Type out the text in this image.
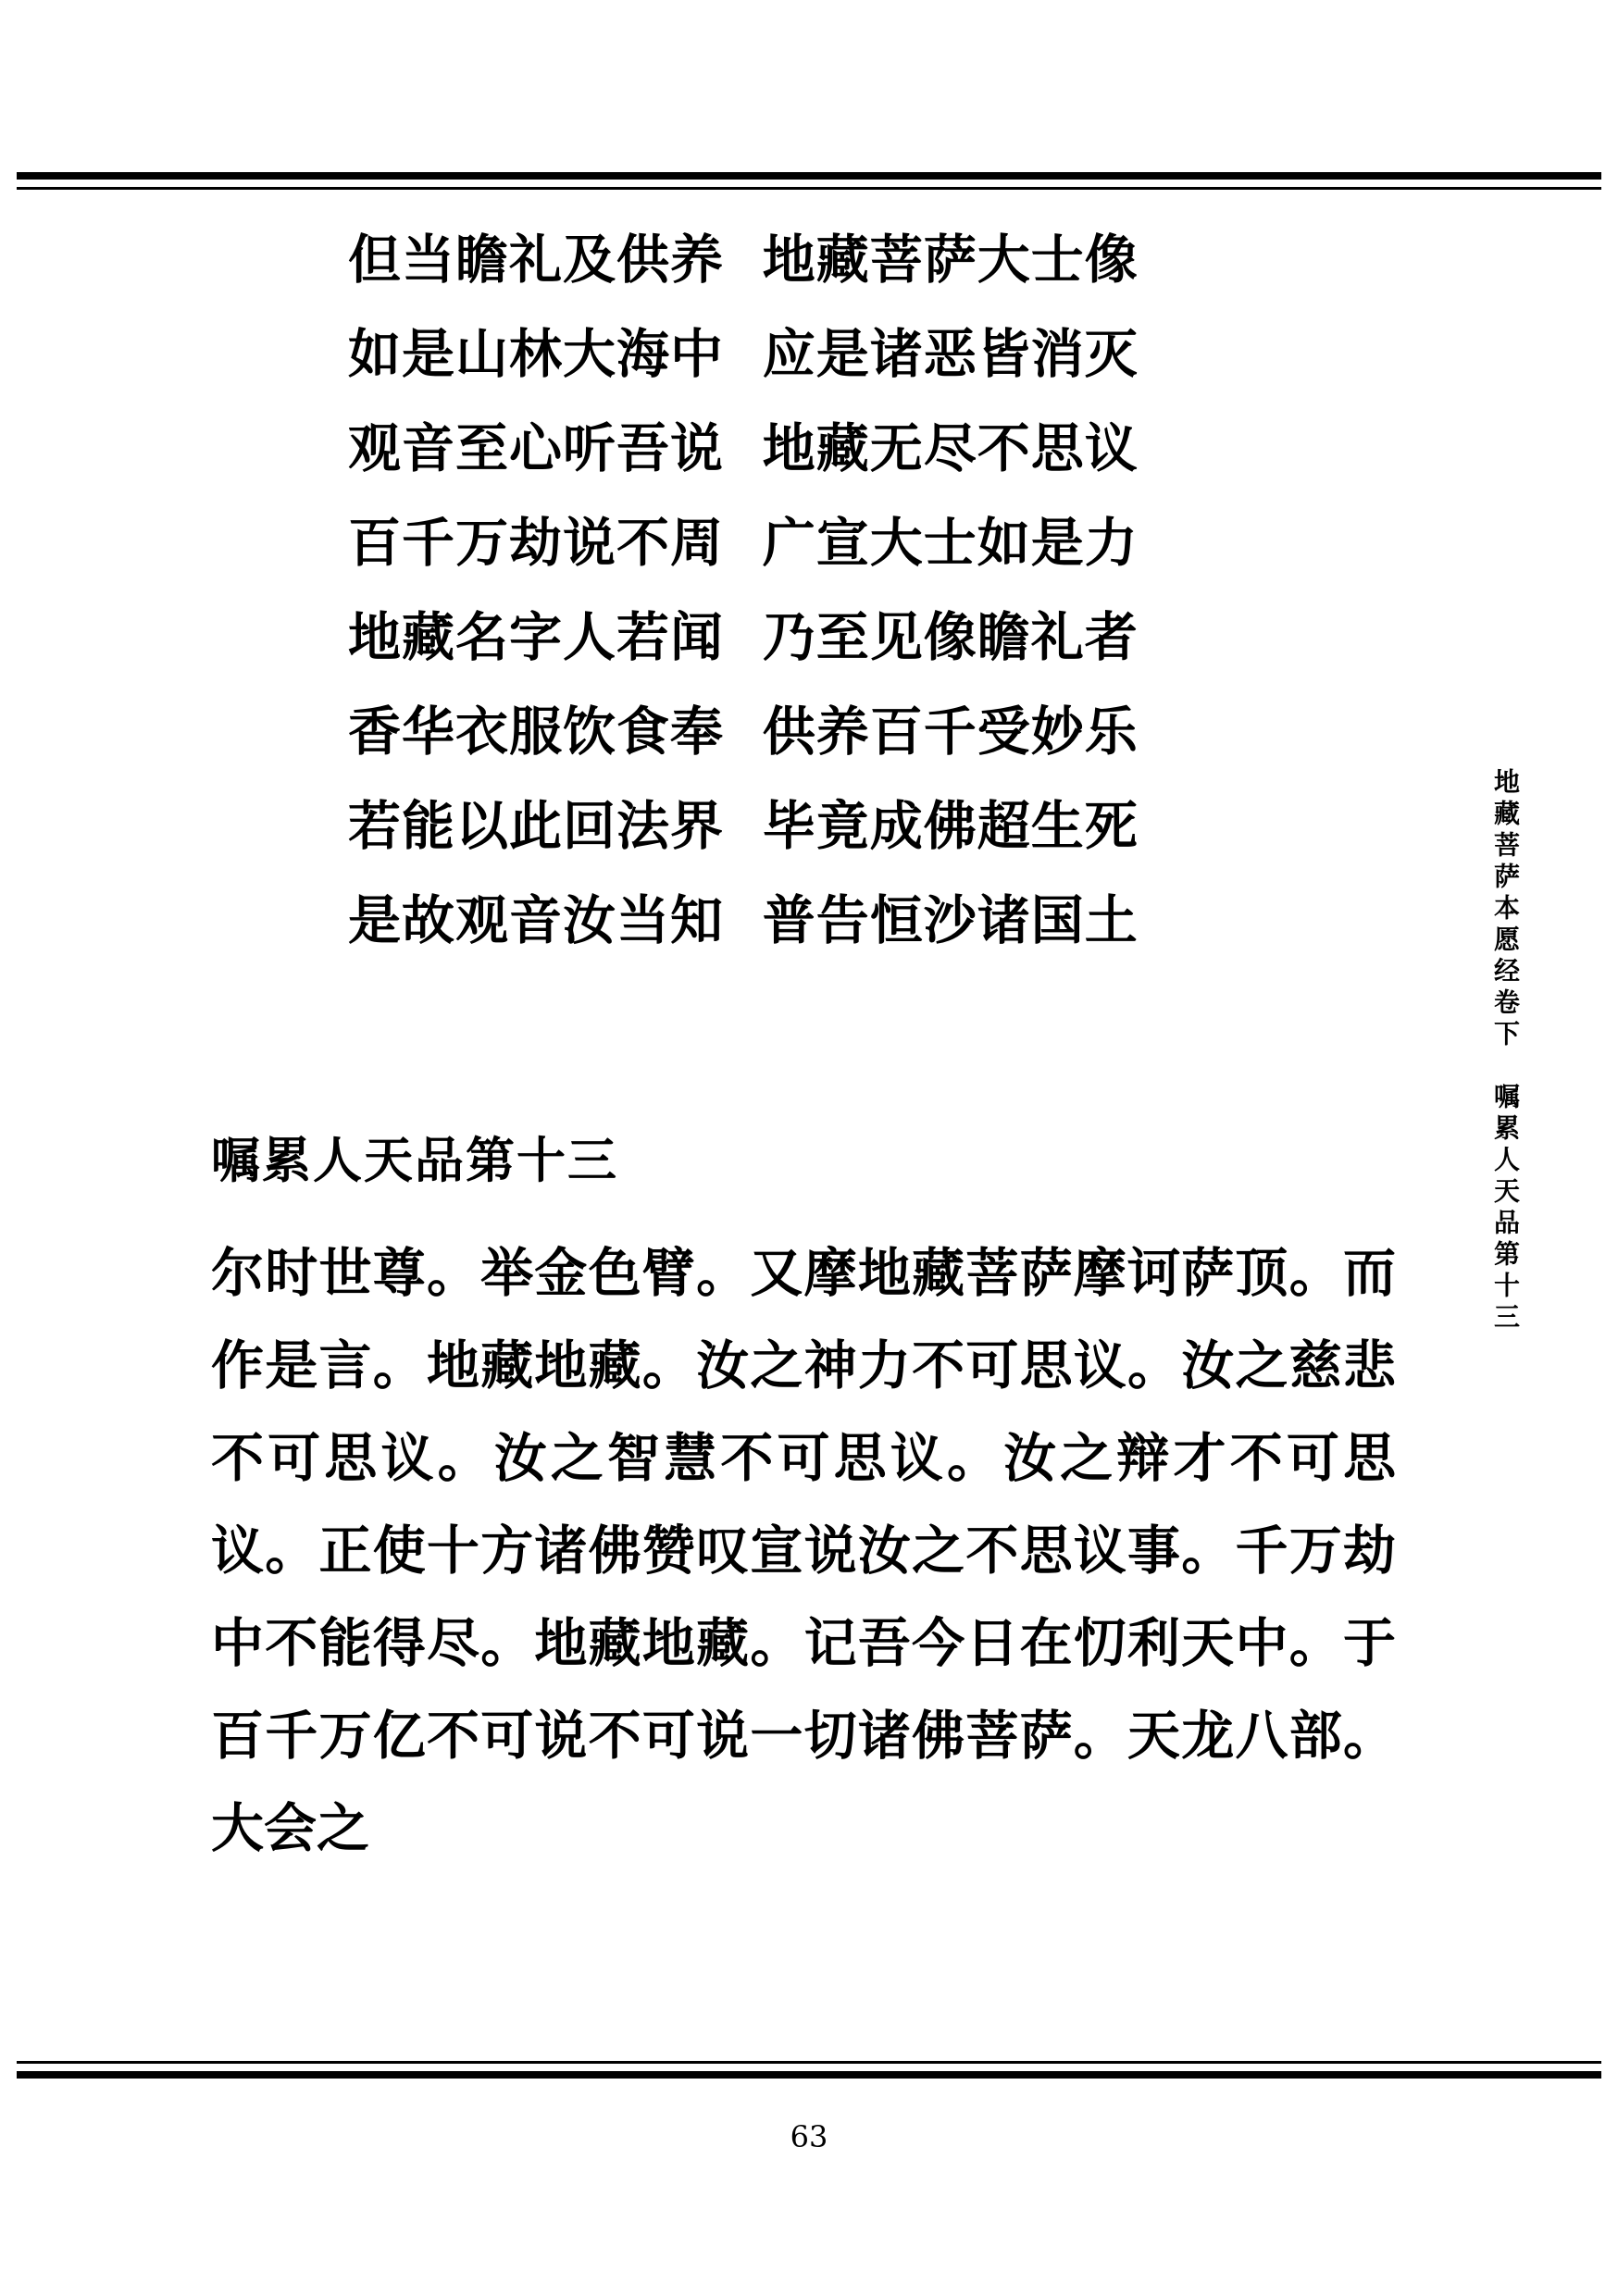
但当瞻礼及供养  地藏菩萨大士像
如是山林大海中  应是诸恶皆消灭
观音至心听吾说  地藏无尽不思议
百千万劫说不周  广宣大士如是力
地藏名字人若闻  乃至见像瞻礼者
香华衣服饮食奉  供养百千受妙乐
若能以此回法界  毕竟成佛超生死
是故观音汝当知  普告恒沙诸国土
嘱累人天品第十三

尔时世尊。举金色臂。又摩地藏菩萨摩诃萨顶。而作是言。地藏地藏。汝之神力不可思议。汝之慈悲不可思议。汝之智慧不可思议。汝之辩才不可思议。正使十方诸佛赞叹宣说汝之不思议事。千万劫中不能得尽。地藏地藏。记吾今日在忉利天中。于百千万亿不可说不可说一切诸佛菩萨。天龙八部。大会之

地藏菩萨本愿经卷下　嘱累人天品第十三
63
